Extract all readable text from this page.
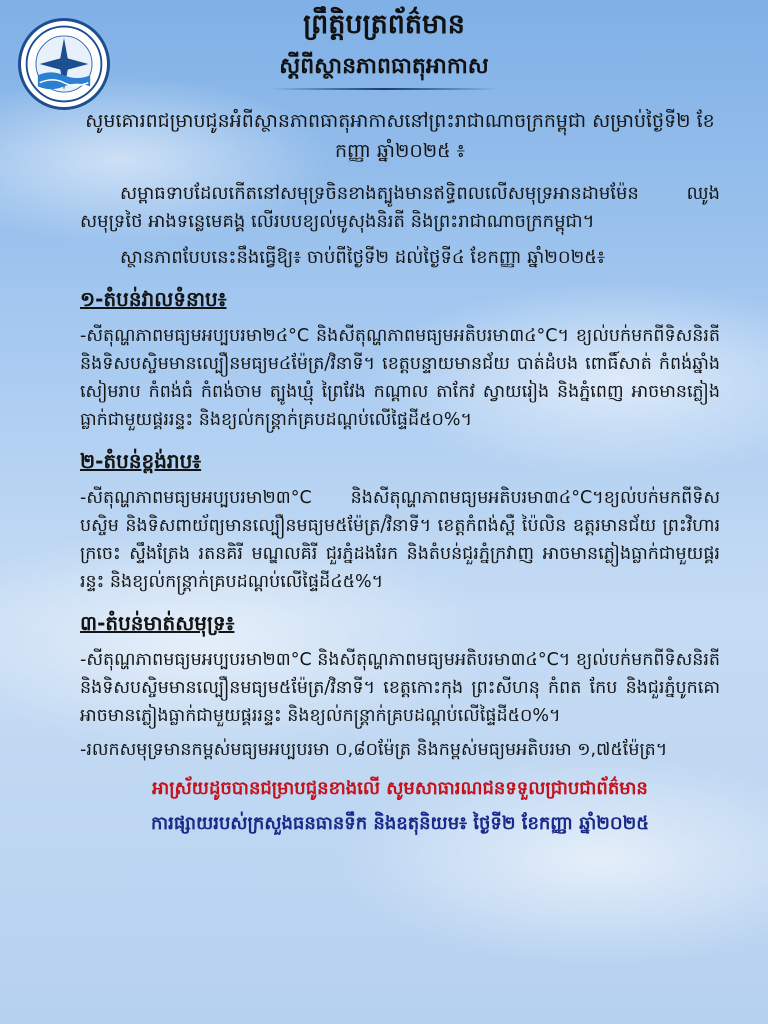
ព្រឹត្តិបត្រព័ត៌មាន
ស្ដីពីស្ថានភាពធាតុអាកាស
សូមគោរពជម្រាបជូនអំពីស្ថានភាពធាតុអាកាសនៅព្រះរាជាណាចក្រកម្ពុជា សម្រាប់ថ្ងៃទី២ ខែកញ្ញា ឆ្នាំ២០២៥ ៖

សម្ពាធទាបដែលកើតនៅសមុទ្រចិនខាងត្បូងមានឥទ្ធិពលលើសមុទ្រអានដាមម៉ែន ឈូងសមុទ្រថៃ អាងទន្លេមេគង្គ លើរបបខ្យល់មូសុងនិរតី និងព្រះរាជាណាចក្រកម្ពុជា។

ស្ថានភាពបែបនេះនឹងធ្វើឱ្យ៖ ចាប់ពីថ្ងៃទី២ ដល់ថ្ងៃទី៤ ខែកញ្ញា ឆ្នាំ២០២៥៖

១-តំបន់វាលទំនាប៖

-សីតុណ្ហភាពមធ្យមអប្បបរមា២៤°C និងសីតុណ្ហភាពមធ្យមអតិបរមា៣៤°C។ ខ្យល់បក់មកពីទិសនិរតី និងទិសបស្ចិមមានល្បឿនមធ្យម៤ម៉ែត្រ/វិនាទី។ ខេត្តបន្ទាយមានជ័យ បាត់ដំបង ពោធិ៍សាត់ កំពង់ឆ្នាំង សៀមរាប កំពង់ធំ កំពង់ចាម ត្បូងឃ្មុំ ព្រៃវែង កណ្ដាល តាកែវ ស្វាយរៀង និងភ្នំពេញ អាចមានភ្លៀងធ្លាក់ជាមួយផ្គររន្ទះ និងខ្យល់កន្ត្រាក់គ្របដណ្ដប់លើផ្ទៃដី៥០%។

២-តំបន់ខ្ពង់រាប៖

-សីតុណ្ហភាពមធ្យមអប្បបរមា២៣°C និងសីតុណ្ហភាពមធ្យមអតិបរមា៣៤°C។ខ្យល់បក់មកពីទិសបស្ចិម និងទិសពាយ័ព្យមានល្បឿនមធ្យម៥ម៉ែត្រ/វិនាទី។ ខេត្តកំពង់ស្ពឺ ប៉ៃលិន ឧត្ដរមានជ័យ ព្រះវិហារ ក្រចេះ ស្ទឹងត្រែង រតនគិរី មណ្ឌលគិរី ជួរភ្នំដងរែក និងតំបន់ជួរភ្នំក្រវាញ អាចមានភ្លៀងធ្លាក់ជាមួយផ្គររន្ទះ និងខ្យល់កន្ត្រាក់គ្របដណ្ដប់លើផ្ទៃដី៤៥%។

៣-តំបន់មាត់សមុទ្រ៖

-សីតុណ្ហភាពមធ្យមអប្បបរមា២៣°C និងសីតុណ្ហភាពមធ្យមអតិបរមា៣៤°C។ ខ្យល់បក់មកពីទិសនិរតី និងទិសបស្ចិមមានល្បឿនមធ្យម៥ម៉ែត្រ/វិនាទី។ ខេត្តកោះកុង ព្រះសីហនុ កំពត កែប និងជួរភ្នំបូកគោ អាចមានភ្លៀងធ្លាក់ជាមួយផ្គររន្ទះ និងខ្យល់កន្ត្រាក់គ្របដណ្ដប់លើផ្ទៃដី៥០%។

-រលកសមុទ្រមានកម្ពស់មធ្យមអប្បបរមា ០,៨០ម៉ែត្រ និងកម្ពស់មធ្យមអតិបរមា ១,៧៥ម៉ែត្រ។

អាស្រ័យដូចបានជម្រាបជូនខាងលើ សូមសាធារណជនទទួលជ្រាបជាព័ត៌មាន
ការផ្សាយរបស់ក្រសួងធនធានទឹក និងឧតុនិយម៖ ថ្ងៃទី២ ខែកញ្ញា ឆ្នាំ២០២៥
